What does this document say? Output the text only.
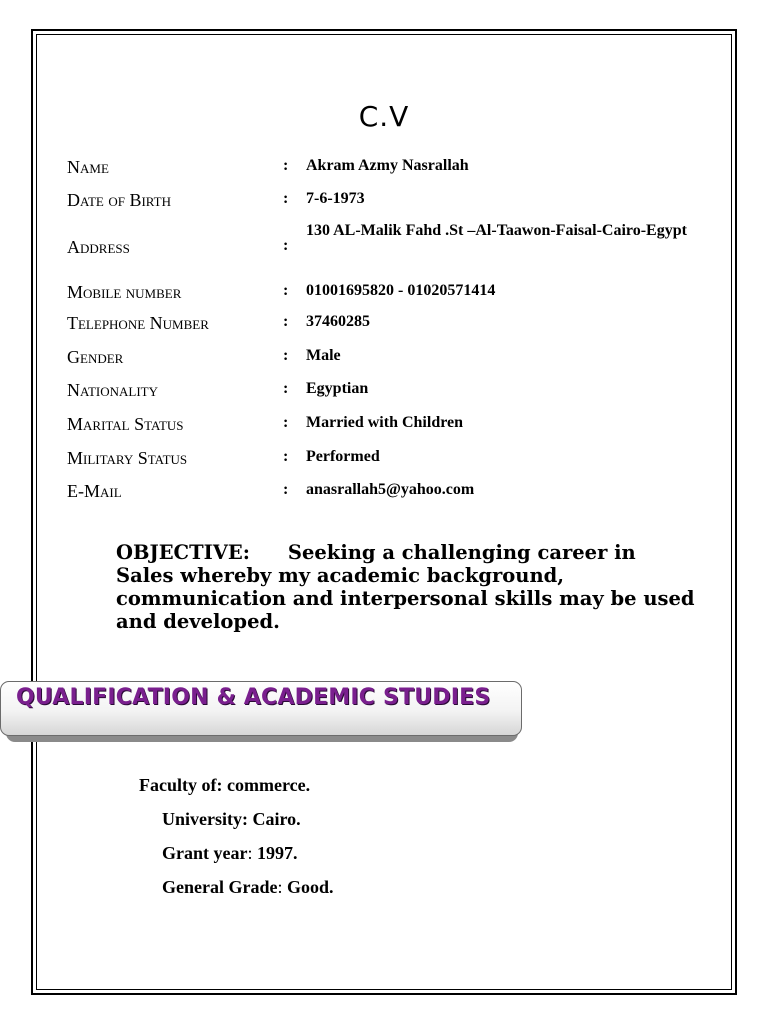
C.V
Name	: Akram Azmy Nasrallah
Date of Birth	: 7-6-1973
Address	:
130 AL-Malik Fahd .St –Al-Taawon-Faisal-Cairo-Egypt
Mobile number	: 01001695820 - 01020571414
Telephone Number	: 37460285
Gender	: Male
Nationality	: Egyptian
Marital Status	: Married with Children
Military Status	: Performed
E-Mail	: anasrallah5@yahoo.com
OBJECTIVE: Seeking a challenging career in Sales whereby my academic background, communication and interpersonal skills may be used and developed.
QUALIFICATION & ACADEMIC STUDIES
Faculty of: commerce.
University: Cairo.
Grant year: 1997.
General Grade: Good.
